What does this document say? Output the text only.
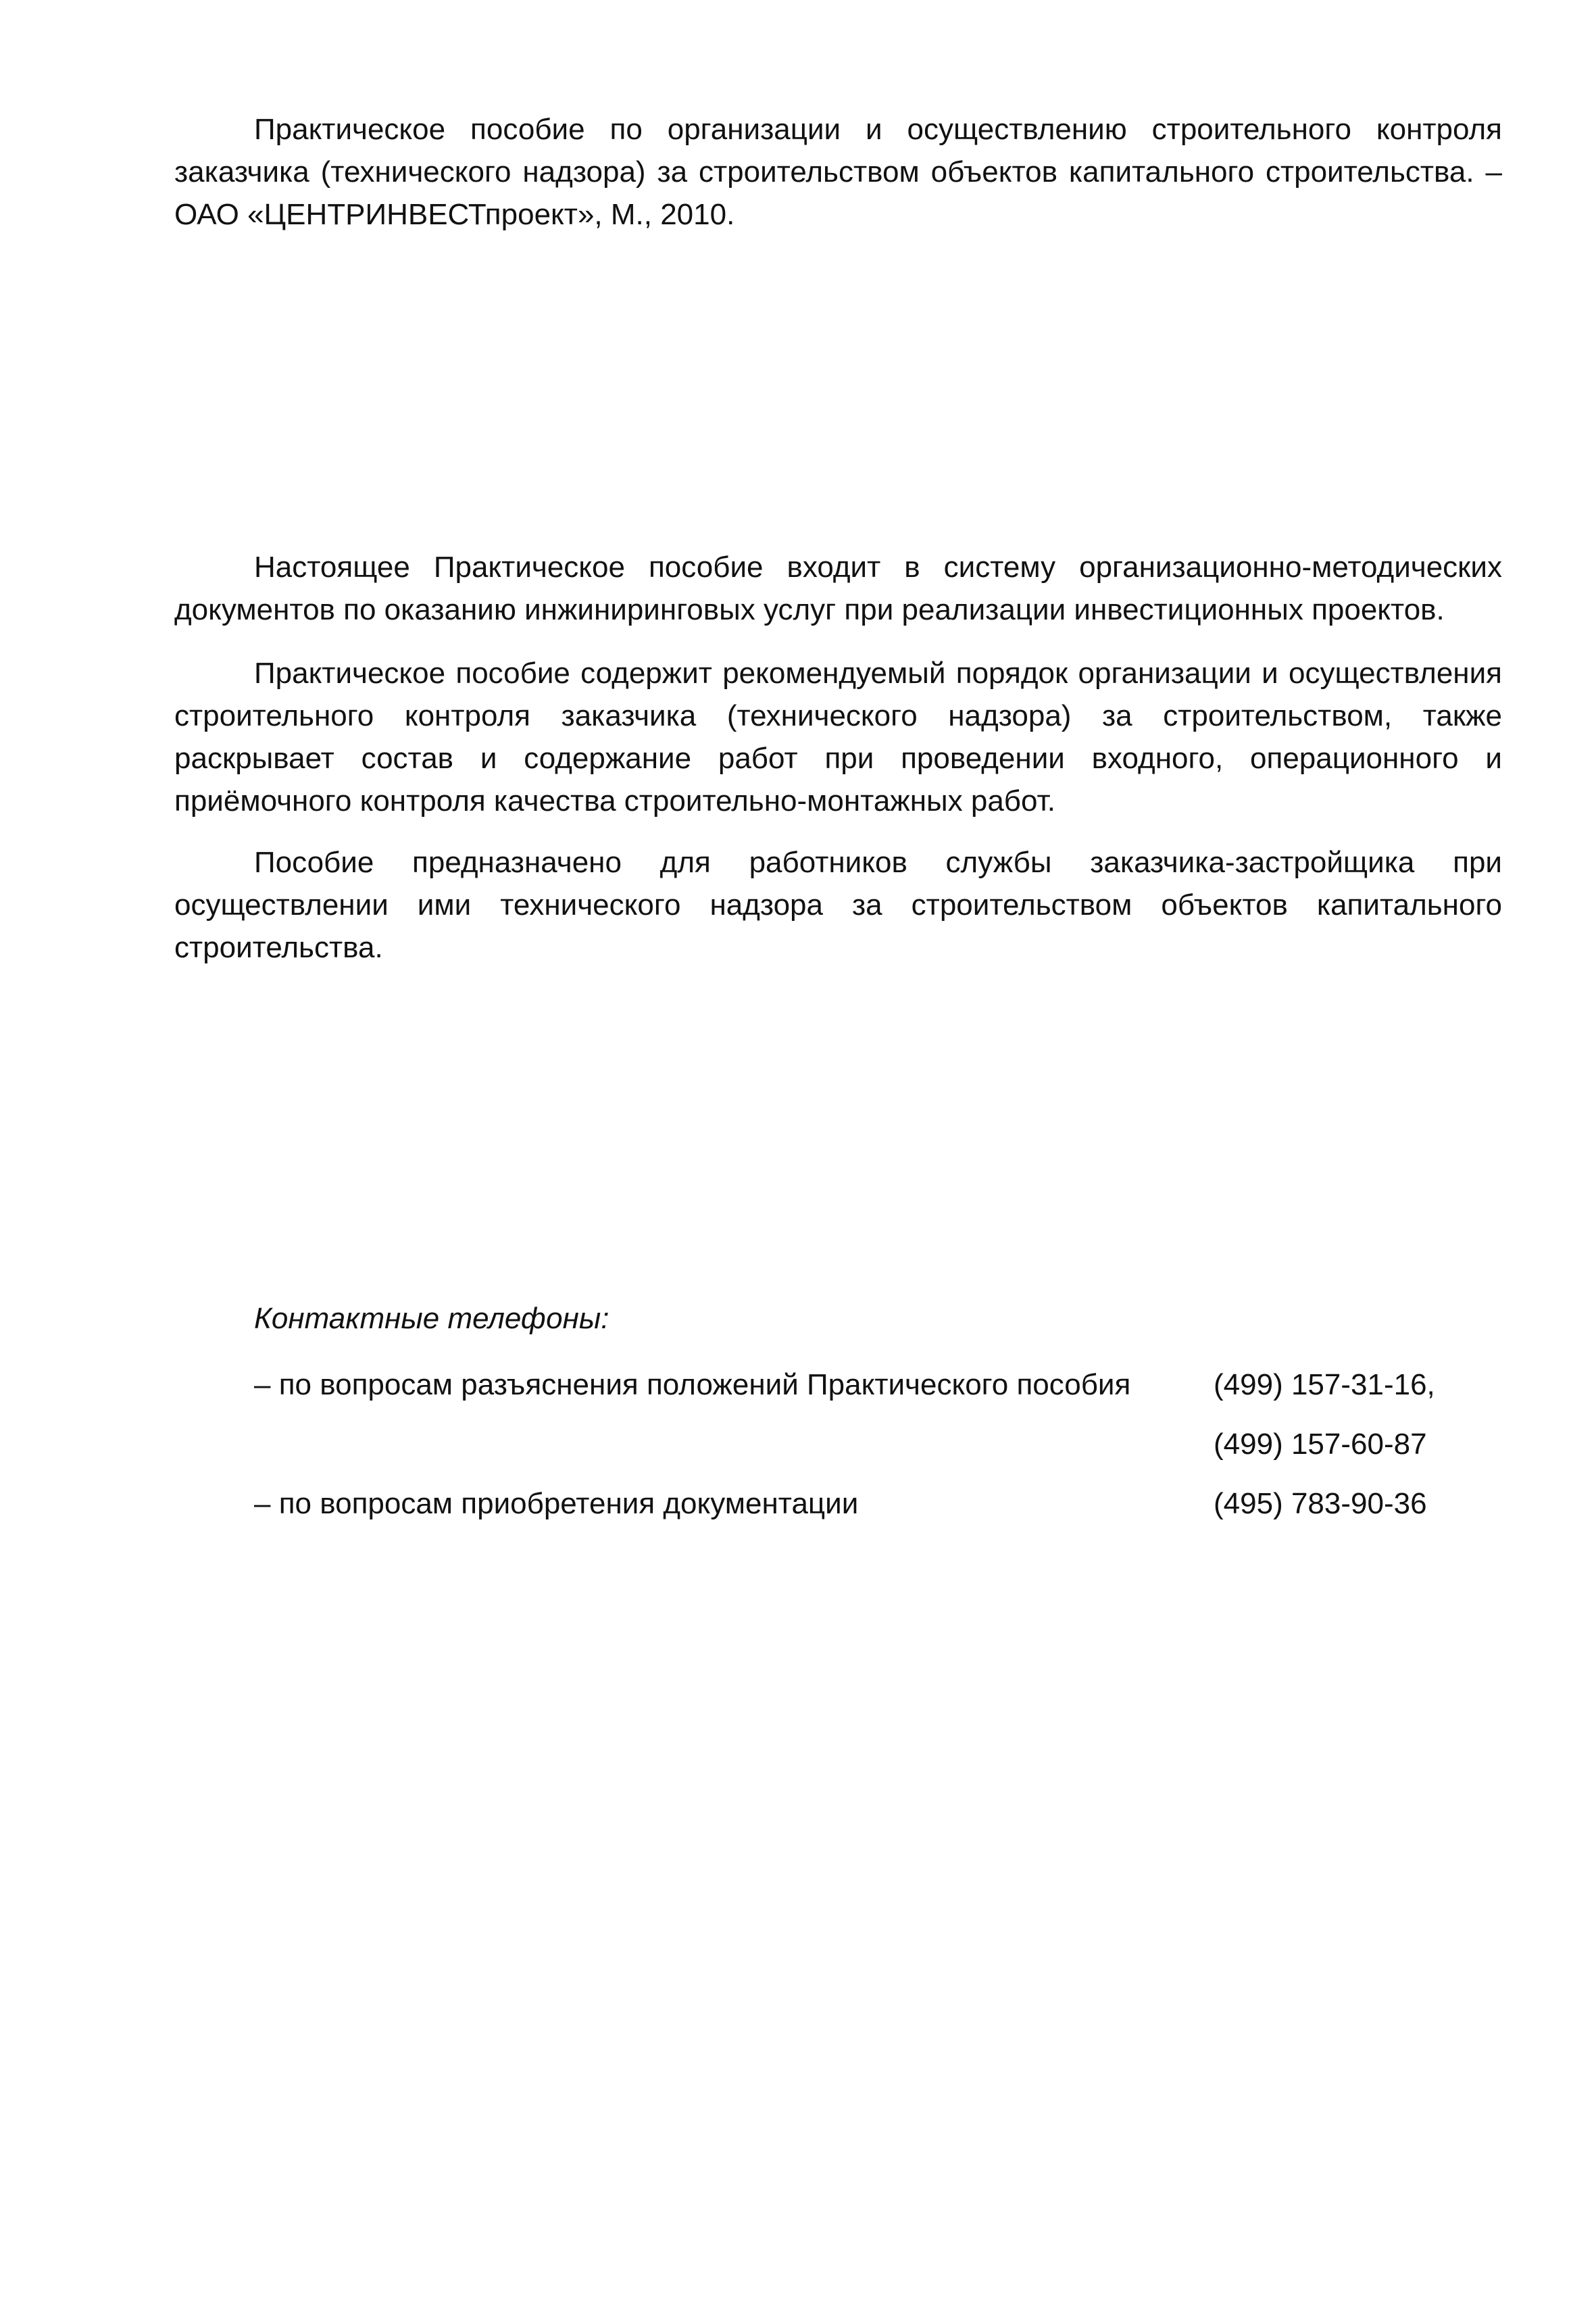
Практическое пособие по организации и осуществлению строительного контроля заказчика (технического надзора) за строительством объектов капитального строительства. – ОАО «ЦЕНТРИНВЕСТпроект», М., 2010.

Настоящее Практическое пособие входит в систему организационно-методических документов по оказанию инжиниринговых услуг при реализации инвестиционных проектов.

Практическое пособие содержит рекомендуемый порядок организации и осуществления строительного контроля заказчика (технического надзора) за строительством, также раскрывает состав и содержание работ при проведении входного, операционного и приёмочного контроля качества строительно-монтажных работ.

Пособие предназначено для работников службы заказчика-застройщика при осуществлении ими технического надзора за строительством объектов капитального строительства.

Контактные телефоны:
– по вопросам разъяснения положений Практического пособия	(499) 157-31-16,
(499) 157-60-87
– по вопросам приобретения документации	(495) 783-90-36
